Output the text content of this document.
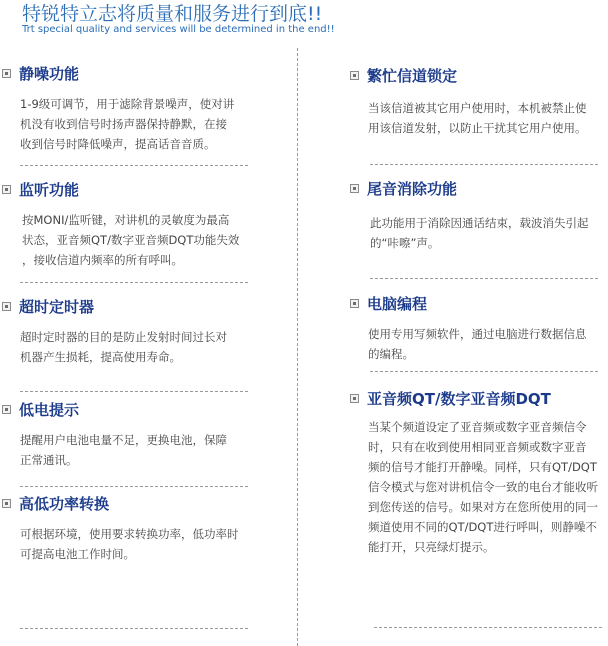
特锐特立志将质量和服务进行到底!!
Trt special quality and services will be determined in the end!!
静噪功能
1-9级可调节，用于滤除背景噪声，使对讲
机没有收到信号时扬声器保持静默，在接
收到信号时降低噪声，提高话音音质。
监听功能
按MONI/监听键，对讲机的灵敏度为最高
状态，亚音频QT/数字亚音频DQT功能失效
，接收信道内频率的所有呼叫。
超时定时器
超时定时器的目的是防止发射时间过长对
机器产生损耗，提高使用寿命。
低电提示
提醒用户电池电量不足，更换电池，保障
正常通讯。
高低功率转换
可根据环境，使用要求转换功率，低功率时
可提高电池工作时间。
繁忙信道锁定
当该信道被其它用户使用时，本机被禁止使
用该信道发射，以防止干扰其它用户使用。
尾音消除功能
此功能用于消除因通话结束，载波消失引起
的“咔嚓”声。
电脑编程
使用专用写频软件，通过电脑进行数据信息
的编程。
亚音频QT/数字亚音频DQT
当某个频道设定了亚音频或数字亚音频信令
时，只有在收到使用相同亚音频或数字亚音
频的信号才能打开静噪。同样，只有QT/DQT
信令模式与您对讲机信令一致的电台才能收听
到您传送的信号。如果对方在您所使用的同一
频道使用不同的QT/DQT进行呼叫，则静噪不
能打开，只亮绿灯提示。
